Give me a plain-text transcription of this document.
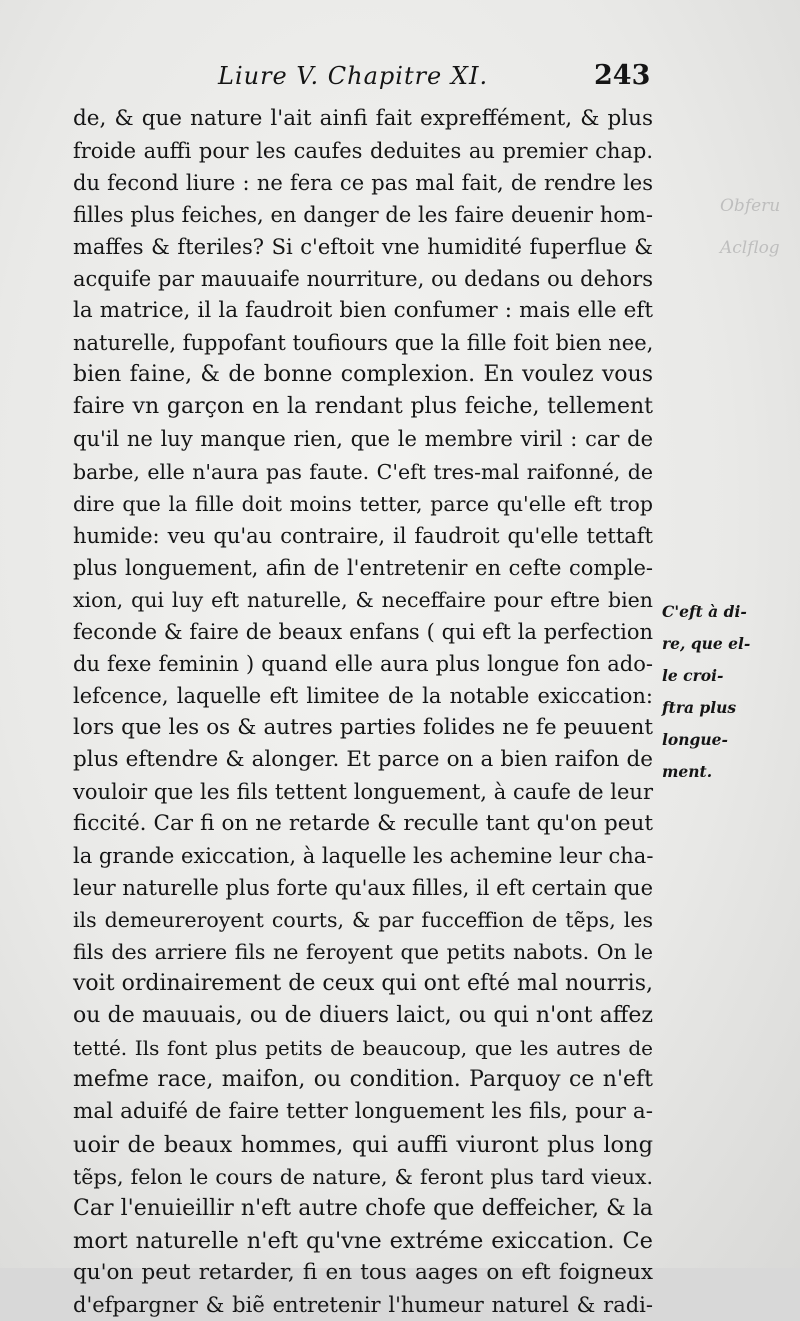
Obferu
Aclflog
Liure V. Chapitre XI.	243
de, & que nature l'ait ainfi fait expreffément, & plus
froide auffi pour les caufes deduites au premier chap.
du fecond liure : ne fera ce pas mal fait, de rendre les
filles plus feiches, en danger de les faire deuenir hom-
maffes & fteriles? Si c'eftoit vne humidité fuperflue &
acquife par mauuaife nourriture, ou dedans ou dehors
la matrice, il la faudroit bien confumer : mais elle eft
naturelle, fuppofant toufiours que la fille foit bien nee,
bien faine, & de bonne complexion. En voulez vous
faire vn garçon en la rendant plus feiche, tellement
qu'il ne luy manque rien, que le membre viril : car de
barbe, elle n'aura pas faute. C'eft tres-mal raifonné, de
dire que la fille doit moins tetter, parce qu'elle eft trop
humide: veu qu'au contraire, il faudroit qu'elle tettaft
plus longuement, afin de l'entretenir en cefte comple-
xion, qui luy eft naturelle, & neceffaire pour eftre bien
feconde & faire de beaux enfans ( qui eft la perfection
du fexe feminin ) quand elle aura plus longue fon ado-
lefcence, laquelle eft limitee de la notable exiccation:
lors que les os & autres parties folides ne fe peuuent
plus eftendre & alonger. Et parce on a bien raifon de
vouloir que les fils tettent longuement, à caufe de leur
ficcité. Car fi on ne retarde & reculle tant qu'on peut
la grande exiccation, à laquelle les achemine leur cha-
leur naturelle plus forte qu'aux filles, il eft certain que
ils demeureroyent courts, & par fucceffion de tẽps, les
fils des arriere fils ne feroyent que petits nabots. On le
voit ordinairement de ceux qui ont efté mal nourris,
ou de mauuais, ou de diuers laict, ou qui n'ont affez
tetté. Ils font plus petits de beaucoup, que les autres de
mefme race, maifon, ou condition. Parquoy ce n'eft
mal aduifé de faire tetter longuement les fils, pour a-
uoir de beaux hommes, qui auffi viuront plus long
tẽps, felon le cours de nature, & feront plus tard vieux.
Car l'enuieillir n'eft autre chofe que deffeicher, & la
mort naturelle n'eft qu'vne extréme exiccation. Ce
qu'on peut retarder, fi en tous aages on eft foigneux
d'efpargner & biẽ entretenir l'humeur naturel & radi-
C'eft à di-
re, que el-
le croi-
ftra plus
longue-
ment.
